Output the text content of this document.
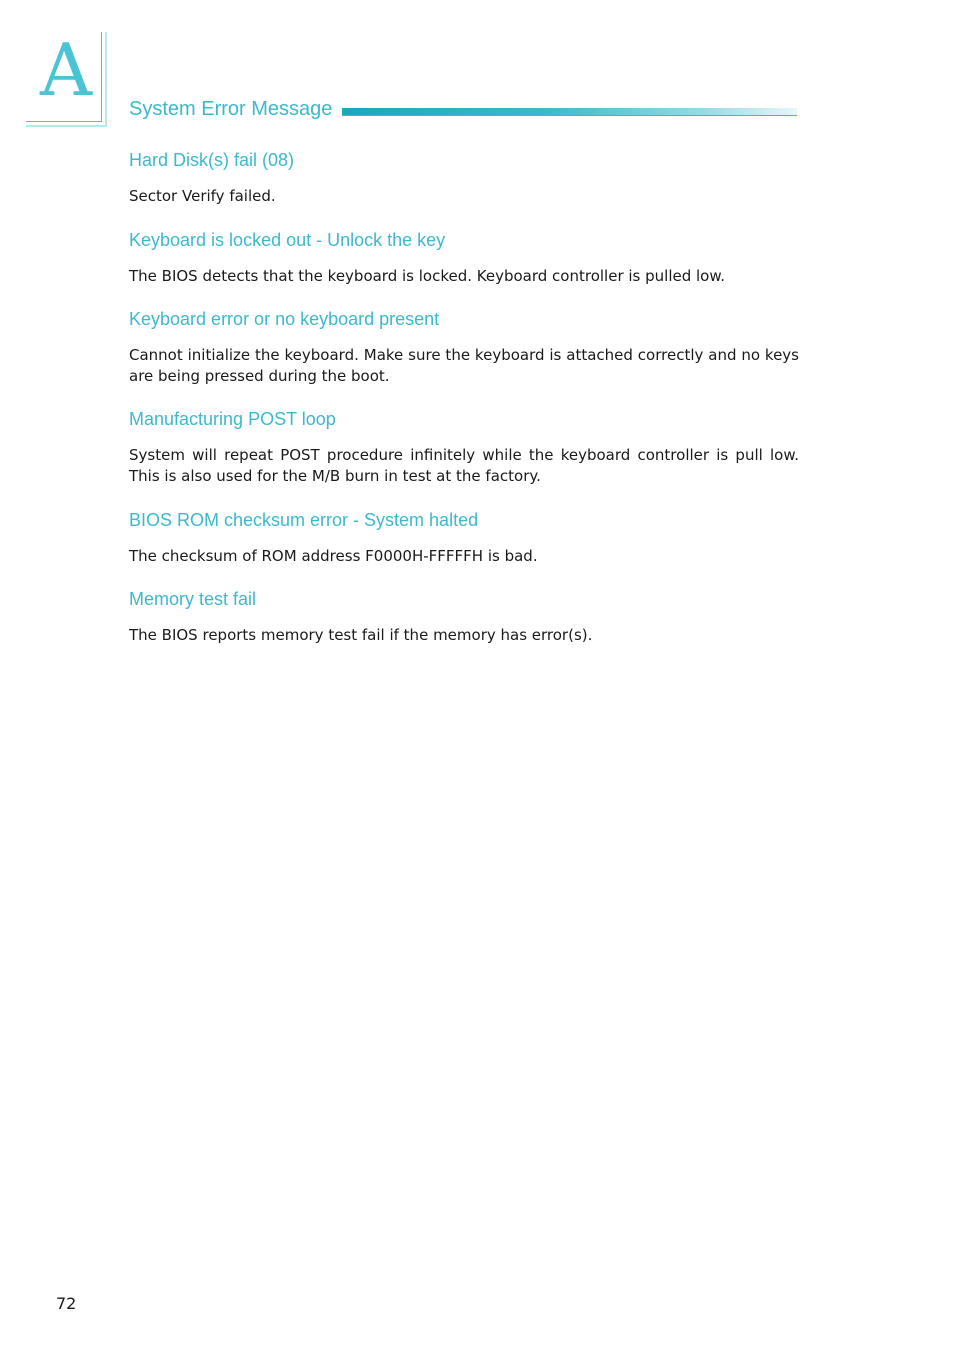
A System Error Message
Hard Disk(s) fail (08)

Sector Verify failed.

Keyboard is locked out - Unlock the key

The BIOS detects that the keyboard is locked. Keyboard controller is pulled low.

Keyboard error or no keyboard present

Cannot initialize the keyboard. Make sure the keyboard is attached correctly and no keys are being pressed during the boot.

Manufacturing POST loop

System will repeat POST procedure infinitely while the keyboard controller is pull low. This is also used for the M/B burn in test at the factory.

BIOS ROM checksum error - System halted

The checksum of ROM address F0000H-FFFFFH is bad.

Memory test fail

The BIOS reports memory test fail if the memory has error(s).

72
